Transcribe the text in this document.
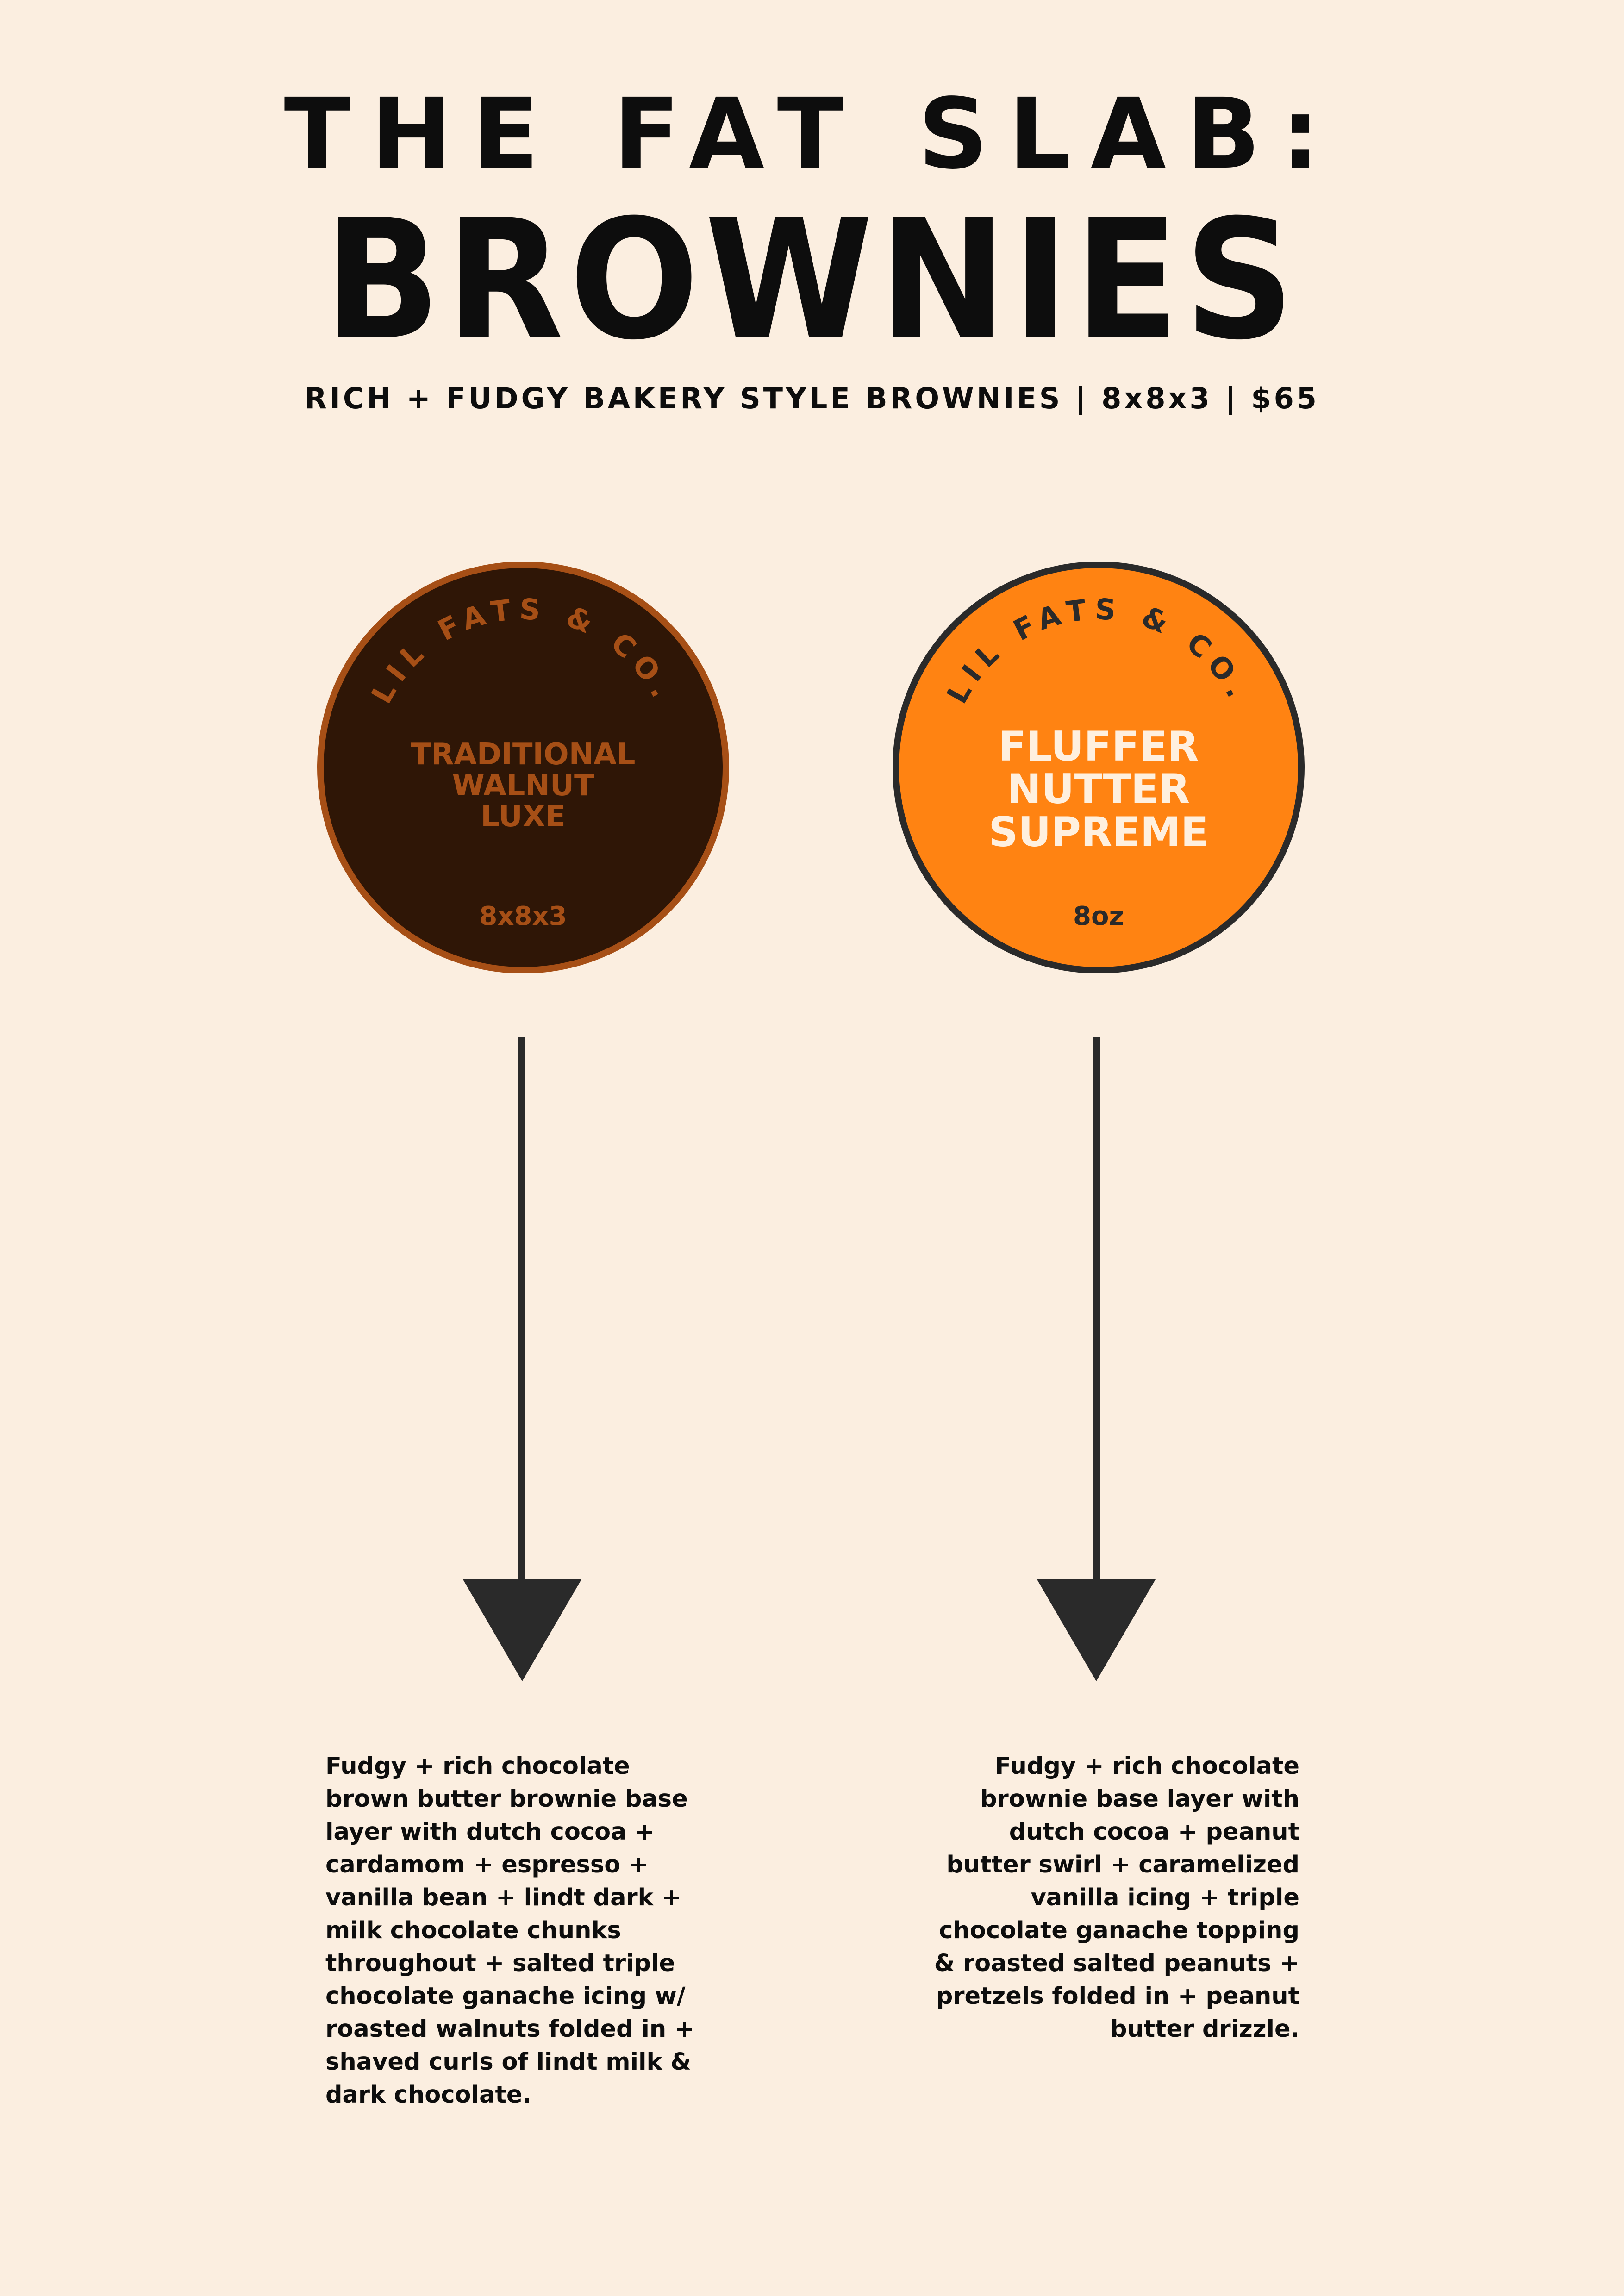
THE FAT SLAB:
BROWNIES

RICH + FUDGY BAKERY STYLE BROWNIES | 8x8x3 | $65

LIL FATS & CO.
TRADITIONAL
WALNUT
LUXE
8x8x3
LIL FATS & CO.
FLUFFER
NUTTER
SUPREME
8oz
Fudgy + rich chocolate
brown butter brownie base
layer with dutch cocoa +
cardamom + espresso +
vanilla bean + lindt dark +
milk chocolate chunks
throughout + salted triple
chocolate ganache icing w/
roasted walnuts folded in +
shaved curls of lindt milk &
dark chocolate.
Fudgy + rich chocolate
brownie base layer with
dutch cocoa + peanut
butter swirl + caramelized
vanilla icing + triple
chocolate ganache topping
& roasted salted peanuts +
pretzels folded in + peanut
butter drizzle.
